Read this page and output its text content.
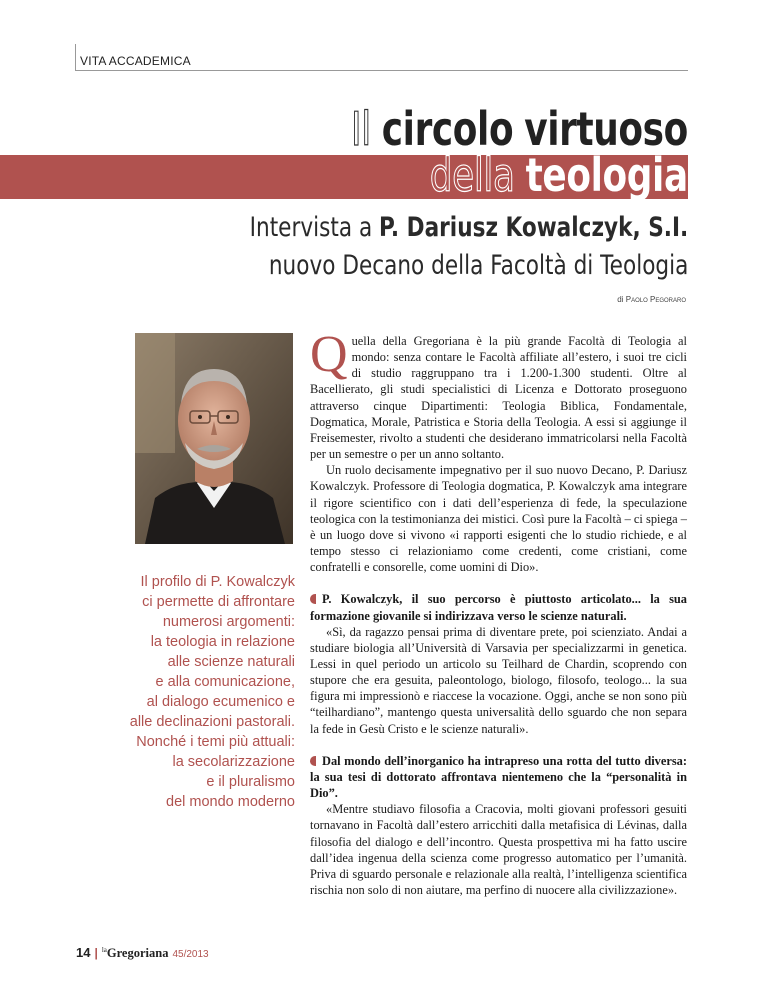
VITA ACCADEMICA
Il circolo virtuoso
della teologia
Intervista a P. Dariusz Kowalczyk, S.I.
nuovo Decano della Facoltà di Teologia
di Paolo Pegoraro
Il profilo di P. Kowalczyk
ci permette di affrontare
numerosi argomenti:
la teologia in relazione
alle scienze naturali
e alla comunicazione,
al dialogo ecumenico e
alle declinazioni pastorali.
Nonché i temi più attuali:
la secolarizzazione
e il pluralismo
del mondo moderno

Quella della Gregoriana è la più grande Facoltà di Teologia al mondo: senza contare le Facoltà affiliate all’estero, i suoi tre cicli di studio raggruppano tra i 1.200-1.300 studenti. Oltre al Bacellierato, gli studi specialistici di Licenza e Dottorato proseguono attraverso cinque Dipartimenti: Teologia Biblica, Fondamentale, Dogmatica, Morale, Patristica e Storia della Teologia. A essi si aggiunge il Freisemester, rivolto a studenti che desiderano immatricolarsi nella Facoltà per un semestre o per un anno soltanto.

Un ruolo decisamente impegnativo per il suo nuovo Decano, P. Dariusz Kowalczyk. Professore di Teologia dogmatica, P. Kowalczyk ama integrare il rigore scientifico con i dati dell’esperienza di fede, la speculazione teologica con la testimonianza dei mistici. Così pure la Facoltà – ci spiega – è un luogo dove si vivono «i rapporti esigenti che lo studio richiede, e al tempo stesso ci relazioniamo come credenti, come cristiani, come confratelli e consorelle, come uomini di Dio».

P. Kowalczyk, il suo percorso è piuttosto articolato... la sua formazione giovanile si indirizzava verso le scienze naturali.

«Sì, da ragazzo pensai prima di diventare prete, poi scienziato. Andai a studiare biologia all’Università di Varsavia per specializzarmi in genetica. Lessi in quel periodo un articolo su Teilhard de Chardin, scoprendo con stupore che era gesuita, paleontologo, biologo, filosofo, teologo... la sua figura mi impressionò e riaccese la vocazione. Oggi, anche se non sono più “teilhardiano”, mantengo questa universalità dello sguardo che non separa la fede in Gesù Cristo e le scienze naturali».

Dal mondo dell’inorganico ha intrapreso una rotta del tutto diversa: la sua tesi di dottorato affrontava nientemeno che la “personalità in Dio”.

«Mentre studiavo filosofia a Cracovia, molti giovani professori gesuiti tornavano in Facoltà dall’estero arricchiti dalla metafisica di Lévinas, dalla filosofia del dialogo e dell’incontro. Questa prospettiva mi ha fatto uscire dall’idea ingenua della scienza come progresso automatico per l’umanità. Priva di sguardo personale e relazionale alla realtà, l’intelligenza scientifica rischia non solo di non aiutare, ma perfino di nuocere alla civilizzazione».

14 | $^{la}$Gregoriana 45/2013
